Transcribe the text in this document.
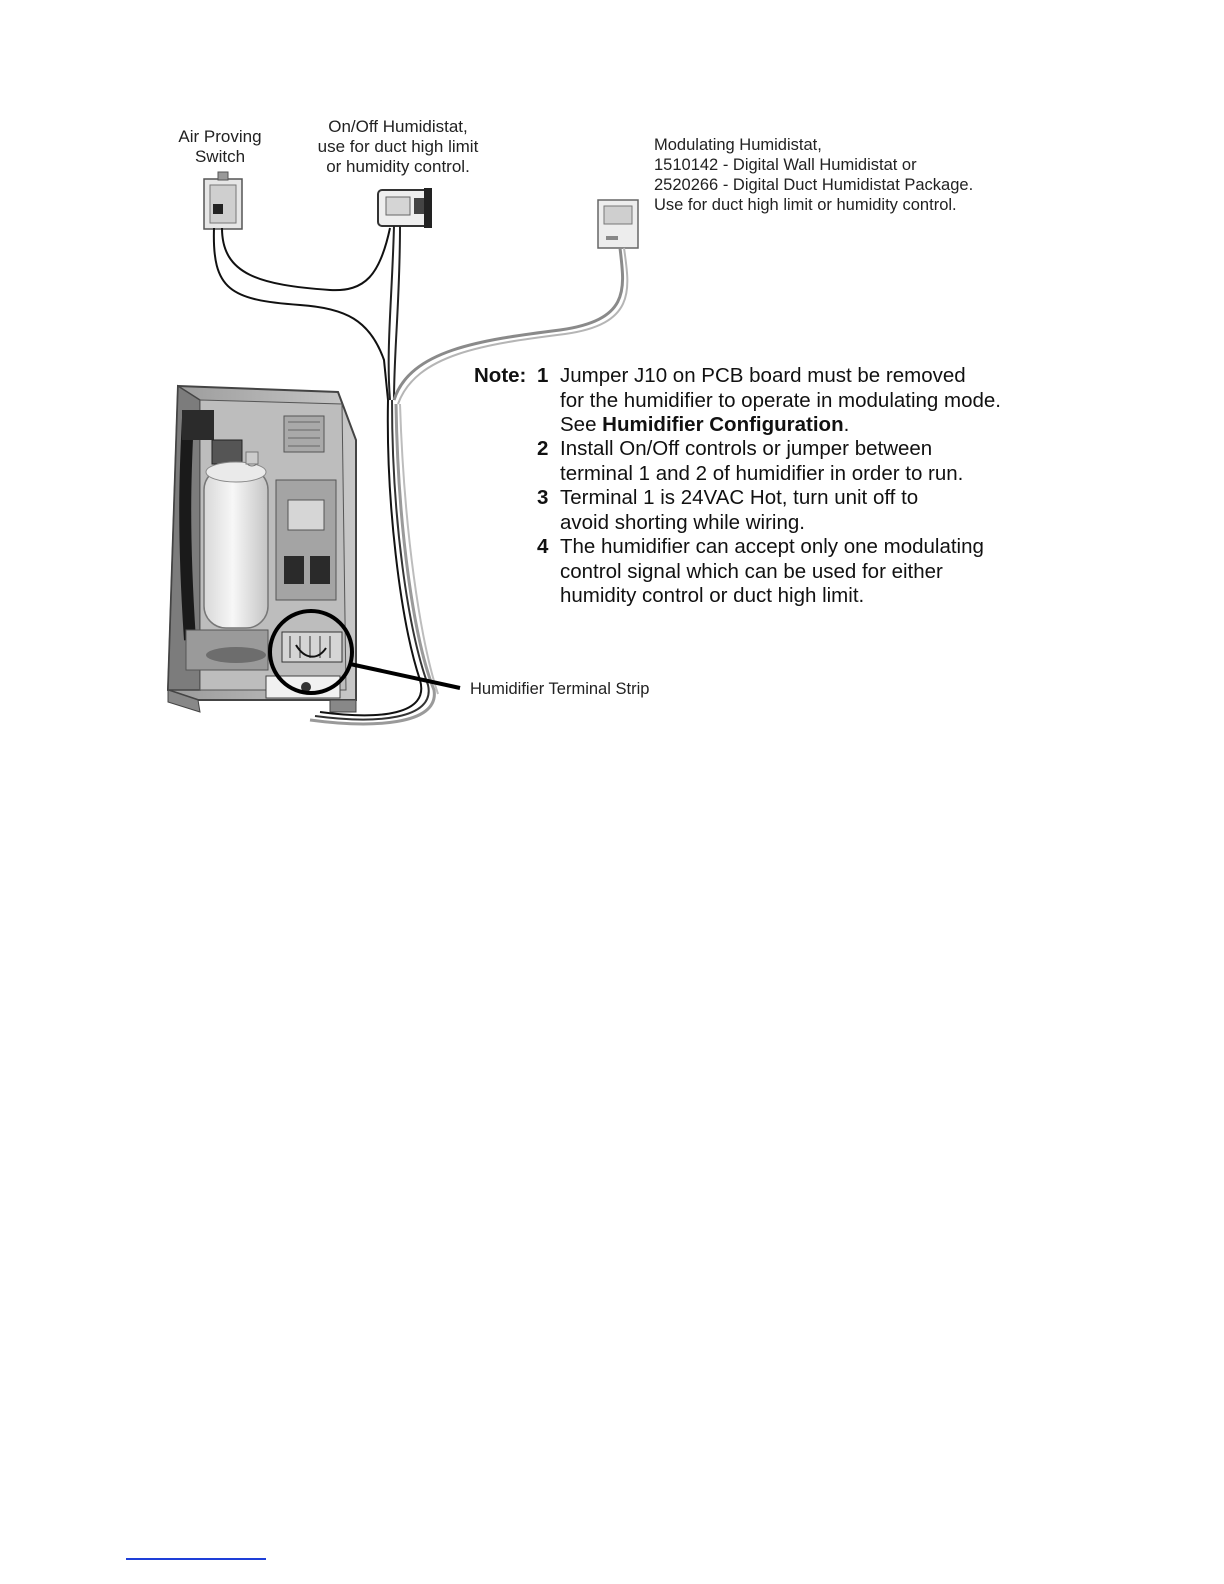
Air Proving
Switch
On/Off Humidistat,
use for duct high limit
or humidity control.
Modulating Humidistat,
1510142 - Digital Wall Humidistat or
2520266 - Digital Duct Humidistat Package.
Use for duct high limit or humidity control.
Humidifier Terminal Strip
Note: 1 Jumper J10 on PCB board must be removed
for the humidifier to operate in modulating mode.
See Humidifier Configuration.
2 Install On/Off controls or jumper between
terminal 1 and 2 of humidifier in order to run.
3 Terminal 1 is 24VAC Hot, turn unit off to
avoid shorting while wiring.
4 The humidifier can accept only one modulating
control signal which can be used for either
humidity control or duct high limit.
